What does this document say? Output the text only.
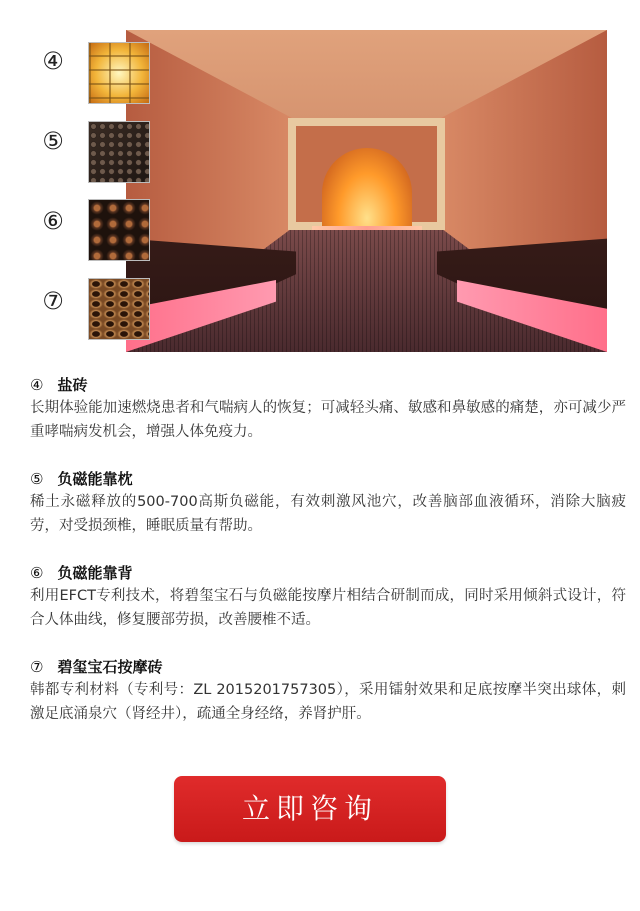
④
⑤
⑥
⑦
④ 盐砖
长期体验能加速燃烧患者和气喘病人的恢复；可减轻头痛、敏感和鼻敏感的痛楚，亦可减少严重哮喘病发机会，增强人体免疫力。
⑤ 负磁能靠枕
稀土永磁释放的500-700高斯负磁能，有效刺激风池穴，改善脑部血液循环，消除大脑疲劳，对受损颈椎，睡眠质量有帮助。
⑥ 负磁能靠背
利用EFCT专利技术，将碧玺宝石与负磁能按摩片相结合研制而成，同时采用倾斜式设计，符合人体曲线，修复腰部劳损，改善腰椎不适。
⑦ 碧玺宝石按摩砖
韩都专利材料（专利号：ZL 2015201757305），采用镭射效果和足底按摩半突出球体，刺激足底涌泉穴（肾经井），疏通全身经络，养肾护肝。
立即咨询
